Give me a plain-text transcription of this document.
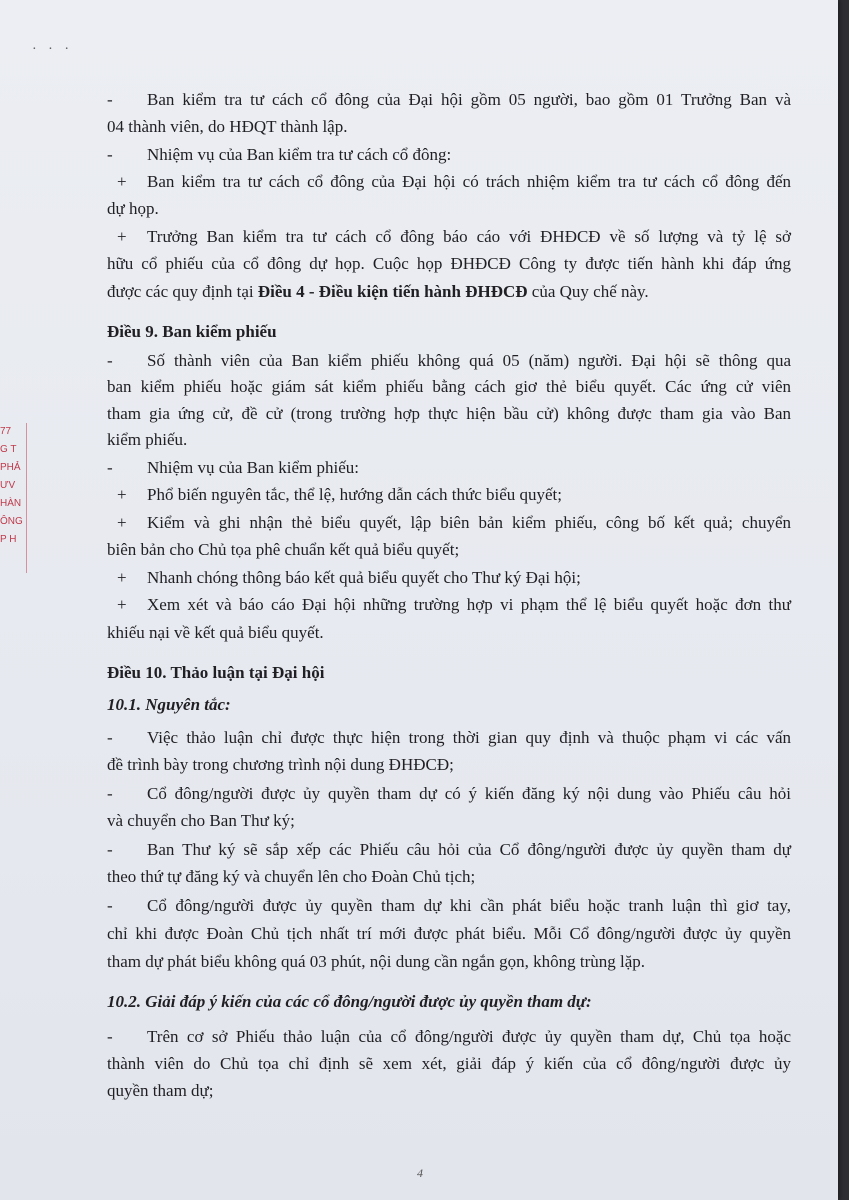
· · ·
- Ban kiểm tra tư cách cổ đông của Đại hội gồm 05 người, bao gồm 01 Trưởng Ban và
04 thành viên, do HĐQT thành lập.
- Nhiệm vụ của Ban kiểm tra tư cách cổ đông:
+ Ban kiểm tra tư cách cổ đông của Đại hội có trách nhiệm kiểm tra tư cách cổ đông đến
dự họp.
+ Trưởng Ban kiểm tra tư cách cổ đông báo cáo với ĐHĐCĐ về số lượng và tỷ lệ sở
hữu cổ phiếu của cổ đông dự họp. Cuộc họp ĐHĐCĐ Công ty được tiến hành khi đáp ứng
được các quy định tại Điều 4 - Điều kiện tiến hành ĐHĐCĐ của Quy chế này.
Điều 9. Ban kiểm phiếu
- Số thành viên của Ban kiểm phiếu không quá 05 (năm) người. Đại hội sẽ thông qua
ban kiểm phiếu hoặc giám sát kiểm phiếu bằng cách giơ thẻ biểu quyết. Các ứng cử viên
tham gia ứng cử, đề cử (trong trường hợp thực hiện bầu cử) không được tham gia vào Ban
kiểm phiếu.
- Nhiệm vụ của Ban kiểm phiếu:
+ Phổ biến nguyên tắc, thể lệ, hướng dẫn cách thức biểu quyết;
+ Kiểm và ghi nhận thẻ biểu quyết, lập biên bản kiểm phiếu, công bố kết quả; chuyển
biên bản cho Chủ tọa phê chuẩn kết quả biểu quyết;
+ Nhanh chóng thông báo kết quả biểu quyết cho Thư ký Đại hội;
+ Xem xét và báo cáo Đại hội những trường hợp vi phạm thể lệ biểu quyết hoặc đơn thư
khiếu nại về kết quả biểu quyết.
Điều 10. Thảo luận tại Đại hội
10.1. Nguyên tắc:
- Việc thảo luận chỉ được thực hiện trong thời gian quy định và thuộc phạm vi các vấn
đề trình bày trong chương trình nội dung ĐHĐCĐ;
- Cổ đông/người được ủy quyền tham dự có ý kiến đăng ký nội dung vào Phiếu câu hỏi
và chuyển cho Ban Thư ký;
- Ban Thư ký sẽ sắp xếp các Phiếu câu hỏi của Cổ đông/người được ủy quyền tham dự
theo thứ tự đăng ký và chuyển lên cho Đoàn Chủ tịch;
- Cổ đông/người được ủy quyền tham dự khi cần phát biểu hoặc tranh luận thì giơ tay,
chỉ khi được Đoàn Chủ tịch nhất trí mới được phát biểu. Mỗi Cổ đông/người được ủy quyền
tham dự phát biểu không quá 03 phút, nội dung cần ngắn gọn, không trùng lặp.
10.2. Giải đáp ý kiến của các cổ đông/người được ủy quyền tham dự:
- Trên cơ sở Phiếu thảo luận của cổ đông/người được ủy quyền tham dự, Chủ tọa hoặc
thành viên do Chủ tọa chỉ định sẽ xem xét, giải đáp ý kiến của cổ đông/người được ủy
quyền tham dự;
77
G T
PHẢ
ƯV
HÀN
ÔNG
P H
4
